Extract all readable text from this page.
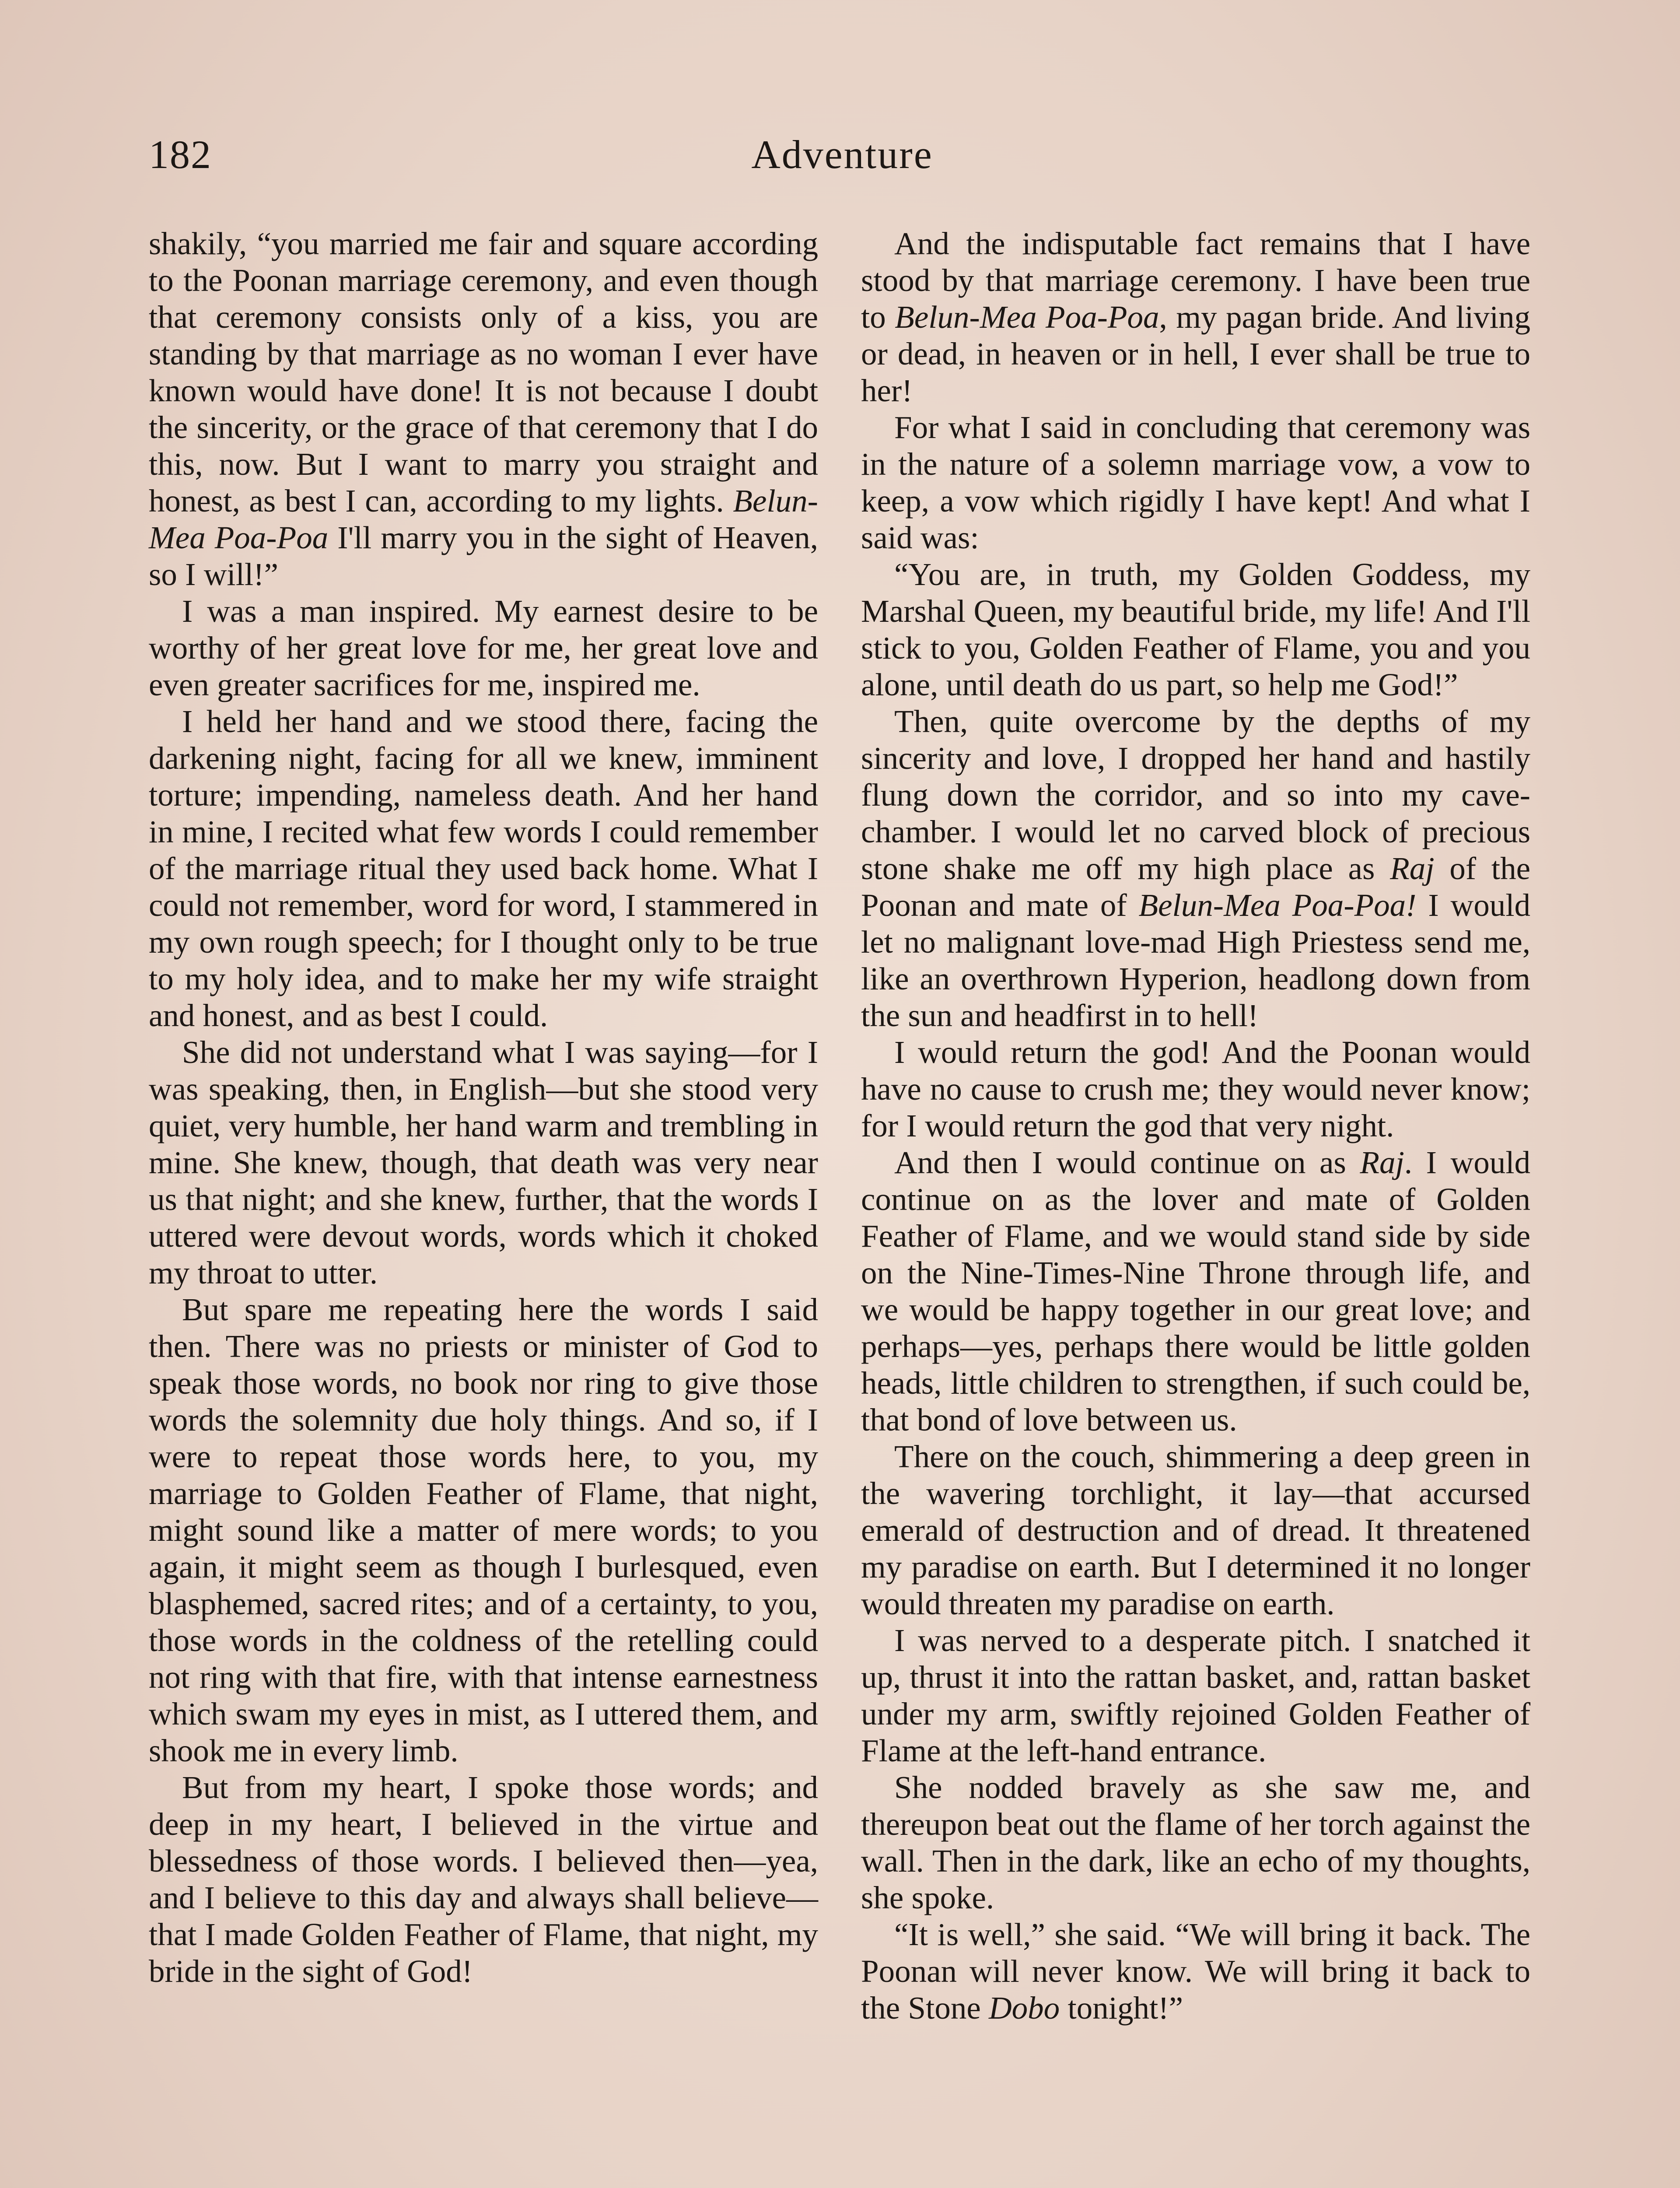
182	Adventure

shakily, “you married me fair and square according to the Poonan marriage ceremony, and even though that ceremony consists only of a kiss, you are standing by that marriage as no woman I ever have known would have done! It is not because I doubt the sincerity, or the grace of that ceremony that I do this, now. But I want to marry you straight and honest, as best I can, according to my lights. Belun-Mea Poa-Poa I'll marry you in the sight of Heaven, so I will!”

I was a man inspired. My earnest desire to be worthy of her great love for me, her great love and even greater sacrifices for me, inspired me.

I held her hand and we stood there, facing the darkening night, facing for all we knew, imminent torture; impending, nameless death. And her hand in mine, I recited what few words I could remember of the marriage ritual they used back home. What I could not remember, word for word, I stammered in my own rough speech; for I thought only to be true to my holy idea, and to make her my wife straight and honest, and as best I could.

She did not understand what I was saying—for I was speaking, then, in English—but she stood very quiet, very humble, her hand warm and trembling in mine. She knew, though, that death was very near us that night; and she knew, further, that the words I uttered were devout words, words which it choked my throat to utter.

But spare me repeating here the words I said then. There was no priests or minister of God to speak those words, no book nor ring to give those words the solemnity due holy things. And so, if I were to repeat those words here, to you, my marriage to Golden Feather of Flame, that night, might sound like a matter of mere words; to you again, it might seem as though I burlesqued, even blasphemed, sacred rites; and of a certainty, to you, those words in the coldness of the retelling could not ring with that fire, with that intense earnestness which swam my eyes in mist, as I uttered them, and shook me in every limb.

But from my heart, I spoke those words; and deep in my heart, I believed in the virtue and blessedness of those words. I believed then—yea, and I believe to this day and always shall believe—that I made Golden Feather of Flame, that night, my bride in the sight of God!

And the indisputable fact remains that I have stood by that marriage ceremony. I have been true to Belun-Mea Poa-Poa, my pagan bride. And living or dead, in heaven or in hell, I ever shall be true to her!

For what I said in concluding that ceremony was in the nature of a solemn marriage vow, a vow to keep, a vow which rigidly I have kept! And what I said was:

“You are, in truth, my Golden Goddess, my Marshal Queen, my beautiful bride, my life! And I'll stick to you, Golden Feather of Flame, you and you alone, until death do us part, so help me God!”

Then, quite overcome by the depths of my sincerity and love, I dropped her hand and hastily flung down the corridor, and so into my cave-chamber. I would let no carved block of precious stone shake me off my high place as Raj of the Poonan and mate of Belun-Mea Poa-Poa! I would let no malignant love-mad High Priestess send me, like an overthrown Hyperion, headlong down from the sun and headfirst in to hell!

I would return the god! And the Poonan would have no cause to crush me; they would never know; for I would return the god that very night.

And then I would continue on as Raj. I would continue on as the lover and mate of Golden Feather of Flame, and we would stand side by side on the Nine-Times-Nine Throne through life, and we would be happy together in our great love; and perhaps—yes, perhaps there would be little golden heads, little children to strengthen, if such could be, that bond of love between us.

There on the couch, shimmering a deep green in the wavering torchlight, it lay—that accursed emerald of destruction and of dread. It threatened my paradise on earth. But I determined it no longer would threaten my paradise on earth.

I was nerved to a desperate pitch. I snatched it up, thrust it into the rattan basket, and, rattan basket under my arm, swiftly rejoined Golden Feather of Flame at the left-hand entrance.

She nodded bravely as she saw me, and thereupon beat out the flame of her torch against the wall. Then in the dark, like an echo of my thoughts, she spoke.

“It is well,” she said. “We will bring it back. The Poonan will never know. We will bring it back to the Stone Dobo tonight!”
